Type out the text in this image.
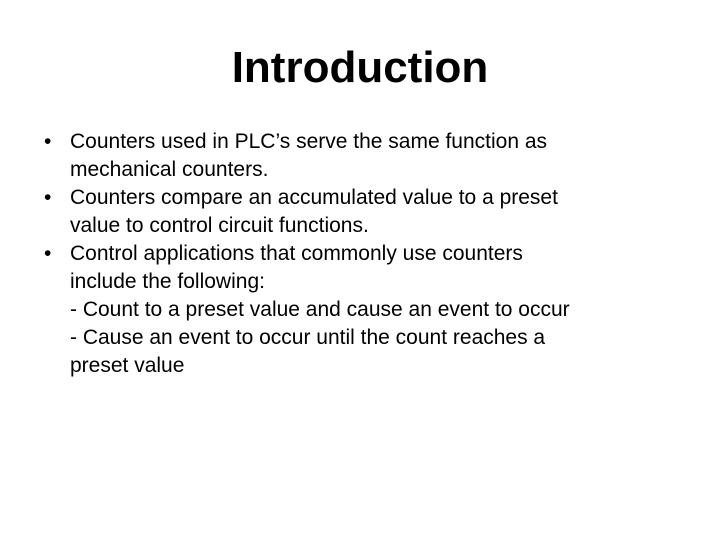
Introduction
• Counters used in PLC’s serve the same function as
mechanical counters.
• Counters compare an accumulated value to a preset
value to control circuit functions.
• Control applications that commonly use counters
include the following:
- Count to a preset value and cause an event to occur
- Cause an event to occur until the count reaches a
preset value
